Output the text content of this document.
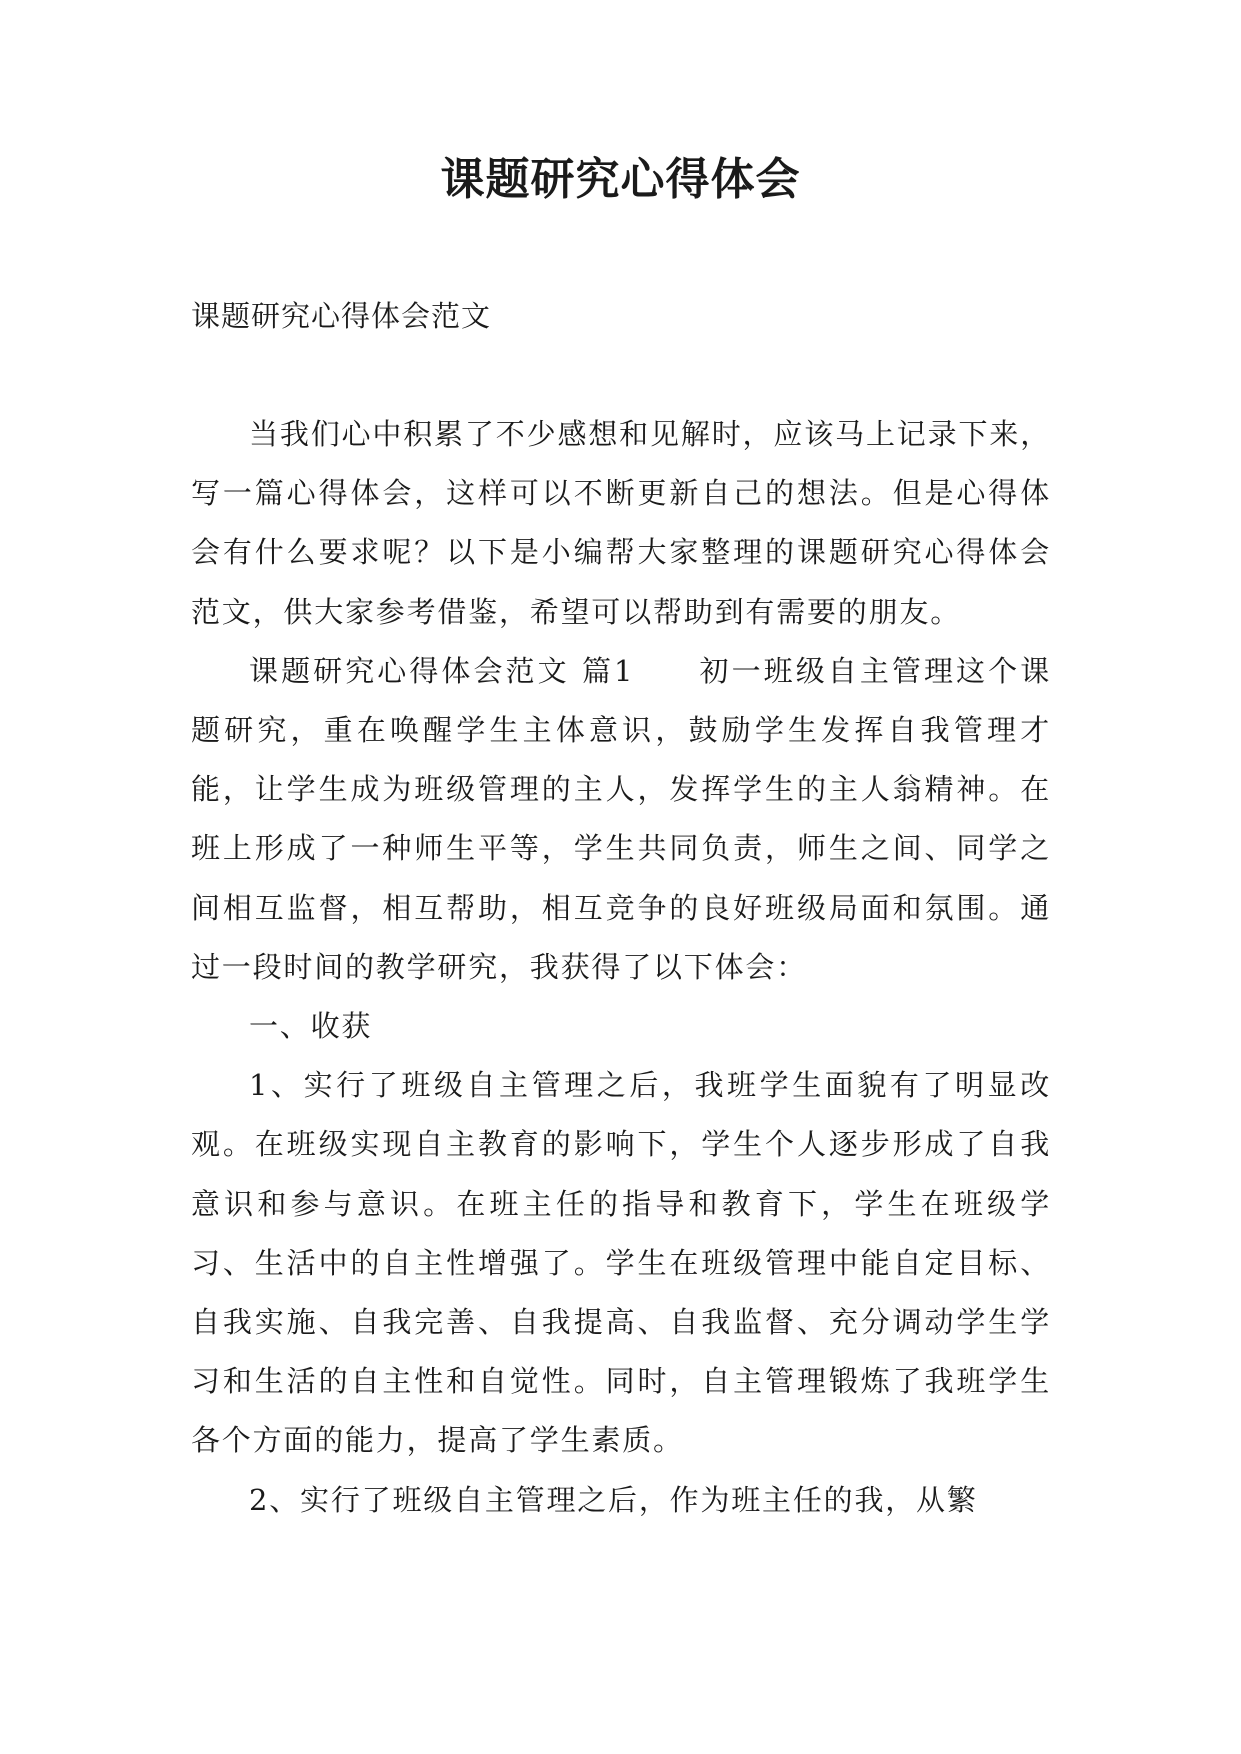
课题研究心得体会

课题研究心得体会范文

当我们心中积累了不少感想和见解时，应该马上记录下来，写一篇心得体会，这样可以不断更新自己的想法。但是心得体会有什么要求呢？以下是小编帮大家整理的课题研究心得体会范文，供大家参考借鉴，希望可以帮助到有需要的朋友。

课题研究心得体会范文 篇1 初一班级自主管理这个课题研究，重在唤醒学生主体意识，鼓励学生发挥自我管理才能，让学生成为班级管理的主人，发挥学生的主人翁精神。在班上形成了一种师生平等，学生共同负责，师生之间、同学之间相互监督，相互帮助，相互竞争的良好班级局面和氛围。通过一段时间的教学研究，我获得了以下体会：

一、收获

1、实行了班级自主管理之后，我班学生面貌有了明显改观。在班级实现自主教育的影响下，学生个人逐步形成了自我意识和参与意识。在班主任的指导和教育下，学生在班级学习、生活中的自主性增强了。学生在班级管理中能自定目标、自我实施、自我完善、自我提高、自我监督、充分调动学生学习和生活的自主性和自觉性。同时，自主管理锻炼了我班学生各个方面的能力，提高了学生素质。

2、实行了班级自主管理之后，作为班主任的我，从繁
